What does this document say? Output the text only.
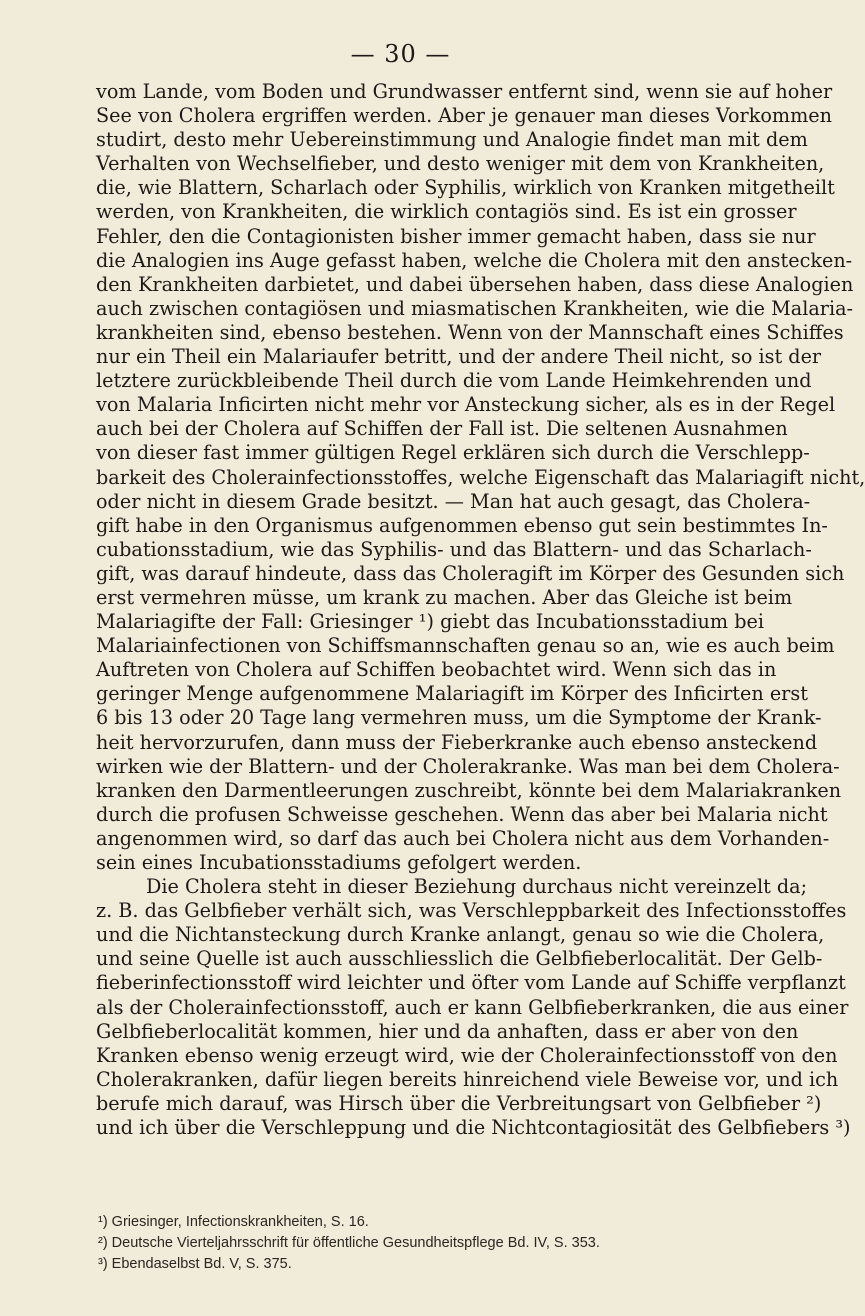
— 30 —
vom Lande, vom Boden und Grundwasser entfernt sind, wenn sie auf hoher
See von Cholera ergriffen werden. Aber je genauer man dieses Vorkommen
studirt, desto mehr Uebereinstimmung und Analogie findet man mit dem
Verhalten von Wechselfieber, und desto weniger mit dem von Krankheiten,
die, wie Blattern, Scharlach oder Syphilis, wirklich von Kranken mitgetheilt
werden, von Krankheiten, die wirklich contagiös sind. Es ist ein grosser
Fehler, den die Contagionisten bisher immer gemacht haben, dass sie nur
die Analogien ins Auge gefasst haben, welche die Cholera mit den anstecken-
den Krankheiten darbietet, und dabei übersehen haben, dass diese Analogien
auch zwischen contagiösen und miasmatischen Krankheiten, wie die Malaria-
krankheiten sind, ebenso bestehen. Wenn von der Mannschaft eines Schiffes
nur ein Theil ein Malariaufer betritt, und der andere Theil nicht, so ist der
letztere zurückbleibende Theil durch die vom Lande Heimkehrenden und
von Malaria Inficirten nicht mehr vor Ansteckung sicher, als es in der Regel
auch bei der Cholera auf Schiffen der Fall ist. Die seltenen Ausnahmen
von dieser fast immer gültigen Regel erklären sich durch die Verschlepp-
barkeit des Cholerainfectionsstoffes, welche Eigenschaft das Malariagift nicht,
oder nicht in diesem Grade besitzt. — Man hat auch gesagt, das Cholera-
gift habe in den Organismus aufgenommen ebenso gut sein bestimmtes In-
cubationsstadium, wie das Syphilis- und das Blattern- und das Scharlach-
gift, was darauf hindeute, dass das Choleragift im Körper des Gesunden sich
erst vermehren müsse, um krank zu machen. Aber das Gleiche ist beim
Malariagifte der Fall: Griesinger ¹) giebt das Incubationsstadium bei
Malariainfectionen von Schiffsmannschaften genau so an, wie es auch beim
Auftreten von Cholera auf Schiffen beobachtet wird. Wenn sich das in
geringer Menge aufgenommene Malariagift im Körper des Inficirten erst
6 bis 13 oder 20 Tage lang vermehren muss, um die Symptome der Krank-
heit hervorzurufen, dann muss der Fieberkranke auch ebenso ansteckend
wirken wie der Blattern- und der Cholerakranke. Was man bei dem Cholera-
kranken den Darmentleerungen zuschreibt, könnte bei dem Malariakranken
durch die profusen Schweisse geschehen. Wenn das aber bei Malaria nicht
angenommen wird, so darf das auch bei Cholera nicht aus dem Vorhanden-
sein eines Incubationsstadiums gefolgert werden.
Die Cholera steht in dieser Beziehung durchaus nicht vereinzelt da;
z. B. das Gelbfieber verhält sich, was Verschleppbarkeit des Infectionsstoffes
und die Nichtansteckung durch Kranke anlangt, genau so wie die Cholera,
und seine Quelle ist auch ausschliesslich die Gelbfieberlocalität. Der Gelb-
fieberinfectionsstoff wird leichter und öfter vom Lande auf Schiffe verpflanzt
als der Cholerainfectionsstoff, auch er kann Gelbfieberkranken, die aus einer
Gelbfieberlocalität kommen, hier und da anhaften, dass er aber von den
Kranken ebenso wenig erzeugt wird, wie der Cholerainfectionsstoff von den
Cholerakranken, dafür liegen bereits hinreichend viele Beweise vor, und ich
berufe mich darauf, was Hirsch über die Verbreitungsart von Gelbfieber ²)
und ich über die Verschleppung und die Nichtcontagiosität des Gelbfiebers ³)
¹) Griesinger, Infectionskrankheiten, S. 16.
²) Deutsche Vierteljahrsschrift für öffentliche Gesundheitspflege Bd. IV, S. 353.
³) Ebendaselbst Bd. V, S. 375.
